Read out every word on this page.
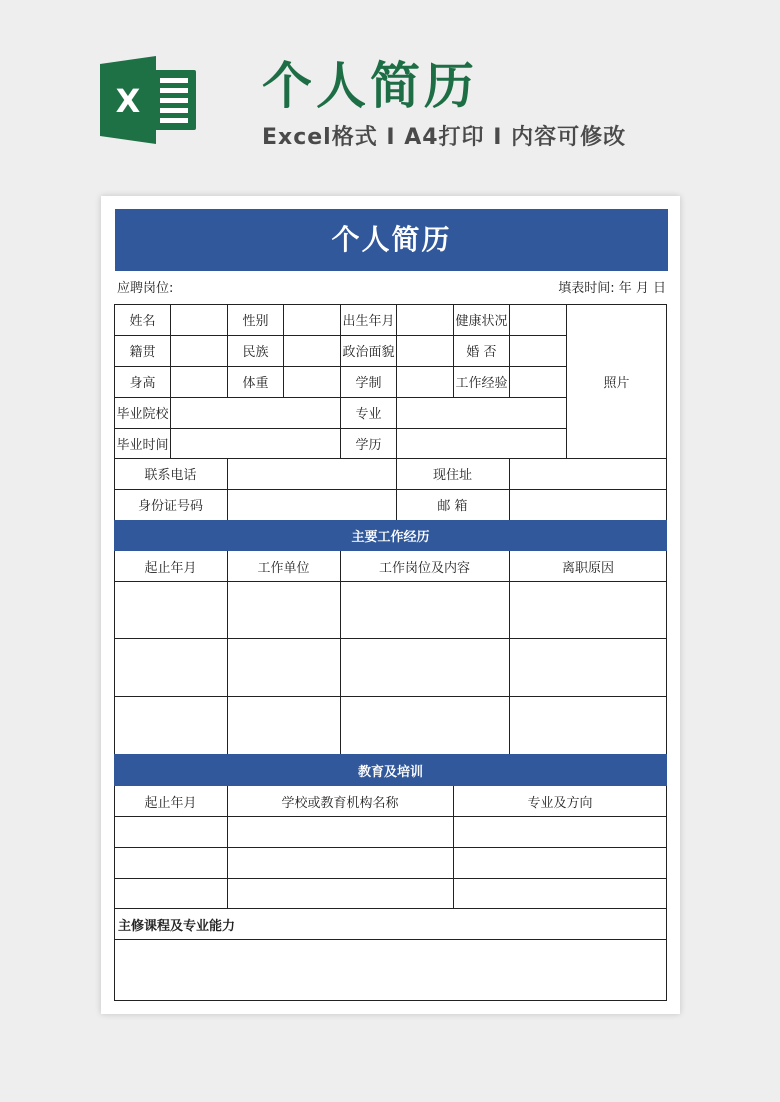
X 个人简历
Excel格式 I A4打印 I 内容可修改
个人简历
应聘岗位:	填表时间: 年 月 日
主要工作经历
教育及培训
姓名	性别	出生年月	健康状况
籍贯	民族	政治面貌	婚 否
身高	体重	学制	工作经验	照片
毕业院校	专业
毕业时间	学历
联系电话	现住址
身份证号码	邮 箱
起止年月	工作单位	工作岗位及内容	离职原因
起止年月	学校或教育机构名称	专业及方向
主修课程及专业能力
